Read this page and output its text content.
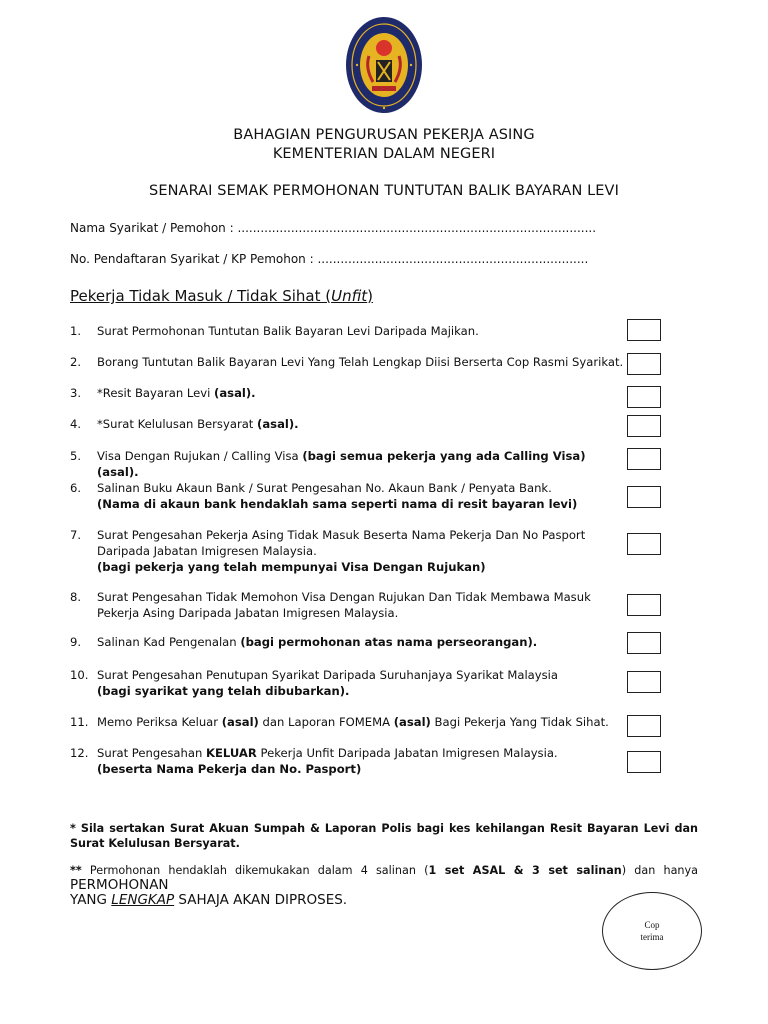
BAHAGIAN PENGURUSAN PEKERJA ASING
KEMENTERIAN DALAM NEGERI
SENARAI SEMAK PERMOHONAN TUNTUTAN BALIK BAYARAN LEVI
Nama Syarikat / Pemohon : ..............................................................................................
No. Pendaftaran Syarikat / KP Pemohon : .......................................................................
Pekerja Tidak Masuk / Tidak Sihat (Unfit)
1.	Surat Permohonan Tuntutan Balik Bayaran Levi Daripada Majikan.
2.	Borang Tuntutan Balik Bayaran Levi Yang Telah Lengkap Diisi Berserta Cop Rasmi Syarikat.
3.	*Resit Bayaran Levi (asal).
4.	*Surat Kelulusan Bersyarat (asal).
5.	Visa Dengan Rujukan / Calling Visa (bagi semua pekerja yang ada Calling Visa) (asal).
6.	Salinan Buku Akaun Bank / Surat Pengesahan No. Akaun Bank / Penyata Bank.
(Nama di akaun bank hendaklah sama seperti nama di resit bayaran levi)
7.	Surat Pengesahan Pekerja Asing Tidak Masuk Beserta Nama Pekerja Dan No Pasport
Daripada Jabatan Imigresen Malaysia.
(bagi pekerja yang telah mempunyai Visa Dengan Rujukan)
8.	Surat Pengesahan Tidak Memohon Visa Dengan Rujukan Dan Tidak Membawa Masuk
Pekerja Asing Daripada Jabatan Imigresen Malaysia.
9.	Salinan Kad Pengenalan (bagi permohonan atas nama perseorangan).
10. Surat Pengesahan Penutupan Syarikat Daripada Suruhanjaya Syarikat Malaysia
(bagi syarikat yang telah dibubarkan).
11. Memo Periksa Keluar (asal) dan Laporan FOMEMA (asal) Bagi Pekerja Yang Tidak Sihat.
12. Surat Pengesahan KELUAR Pekerja Unfit Daripada Jabatan Imigresen Malaysia.
(beserta Nama Pekerja dan No. Pasport)
* Sila sertakan Surat Akuan Sumpah & Laporan Polis bagi kes kehilangan Resit Bayaran Levi dan Surat Kelulusan Bersyarat.
** Permohonan hendaklah dikemukakan dalam 4 salinan (1 set ASAL & 3 set salinan) dan hanya PERMOHONAN
YANG LENGKAP SAHAJA AKAN DIPROSES.
Cop
terima
